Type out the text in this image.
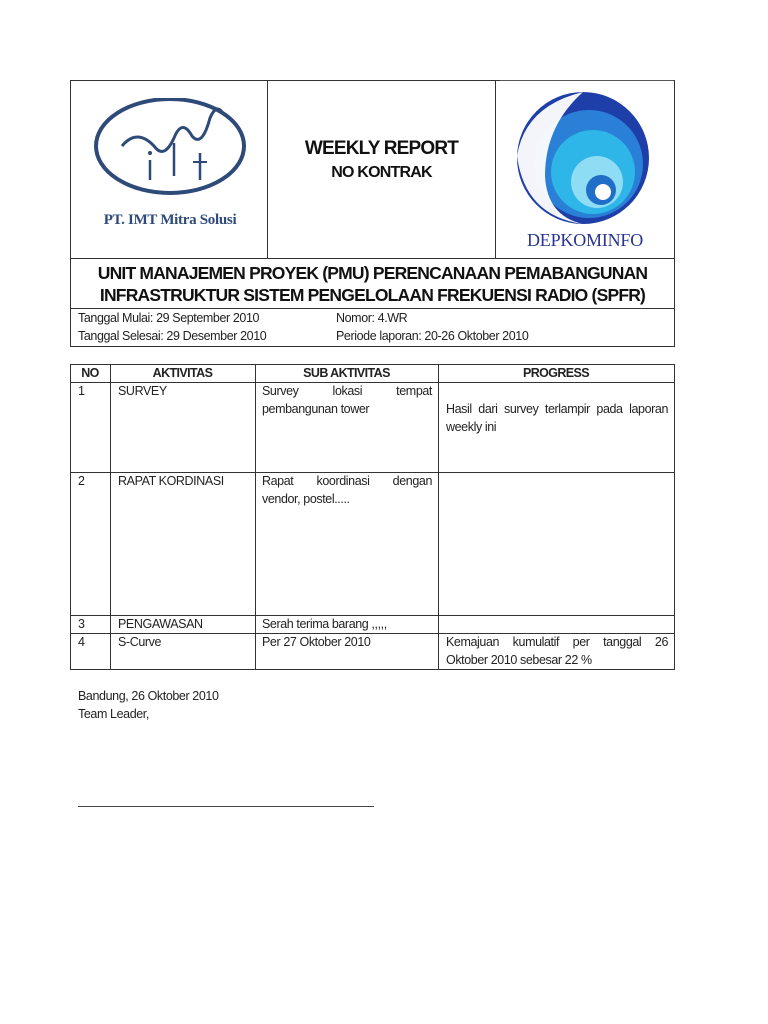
PT. IMT Mitra Solusi
WEEKLY REPORT
NO KONTRAK
DEPKOMINFO
UNIT MANAJEMEN PROYEK (PMU) PERENCANAAN PEMABANGUNAN
INFRASTRUKTUR SISTEM PENGELOLAAN FREKUENSI RADIO (SPFR)
Tanggal Mulai: 29 September 2010
Tanggal Selesai: 29 Desember 2010
Nomor: 4.WR
Periode laporan: 20-26 Oktober 2010
NO	AKTIVITAS	SUB AKTIVITAS	PROGRESS
1	SURVEY	Survey lokasi tempat pembangunan tower	Hasil dari survey terlampir pada laporan weekly ini
2	RAPAT KORDINASI	Rapat koordinasi dengan vendor, postel.....
3	PENGAWASAN	Serah terima barang ,,,,,
4	S-Curve	Per 27 Oktober 2010	Kemajuan kumulatif per tanggal 26 Oktober 2010 sebesar 22 %
Bandung, 26 Oktober 2010
Team Leader,
